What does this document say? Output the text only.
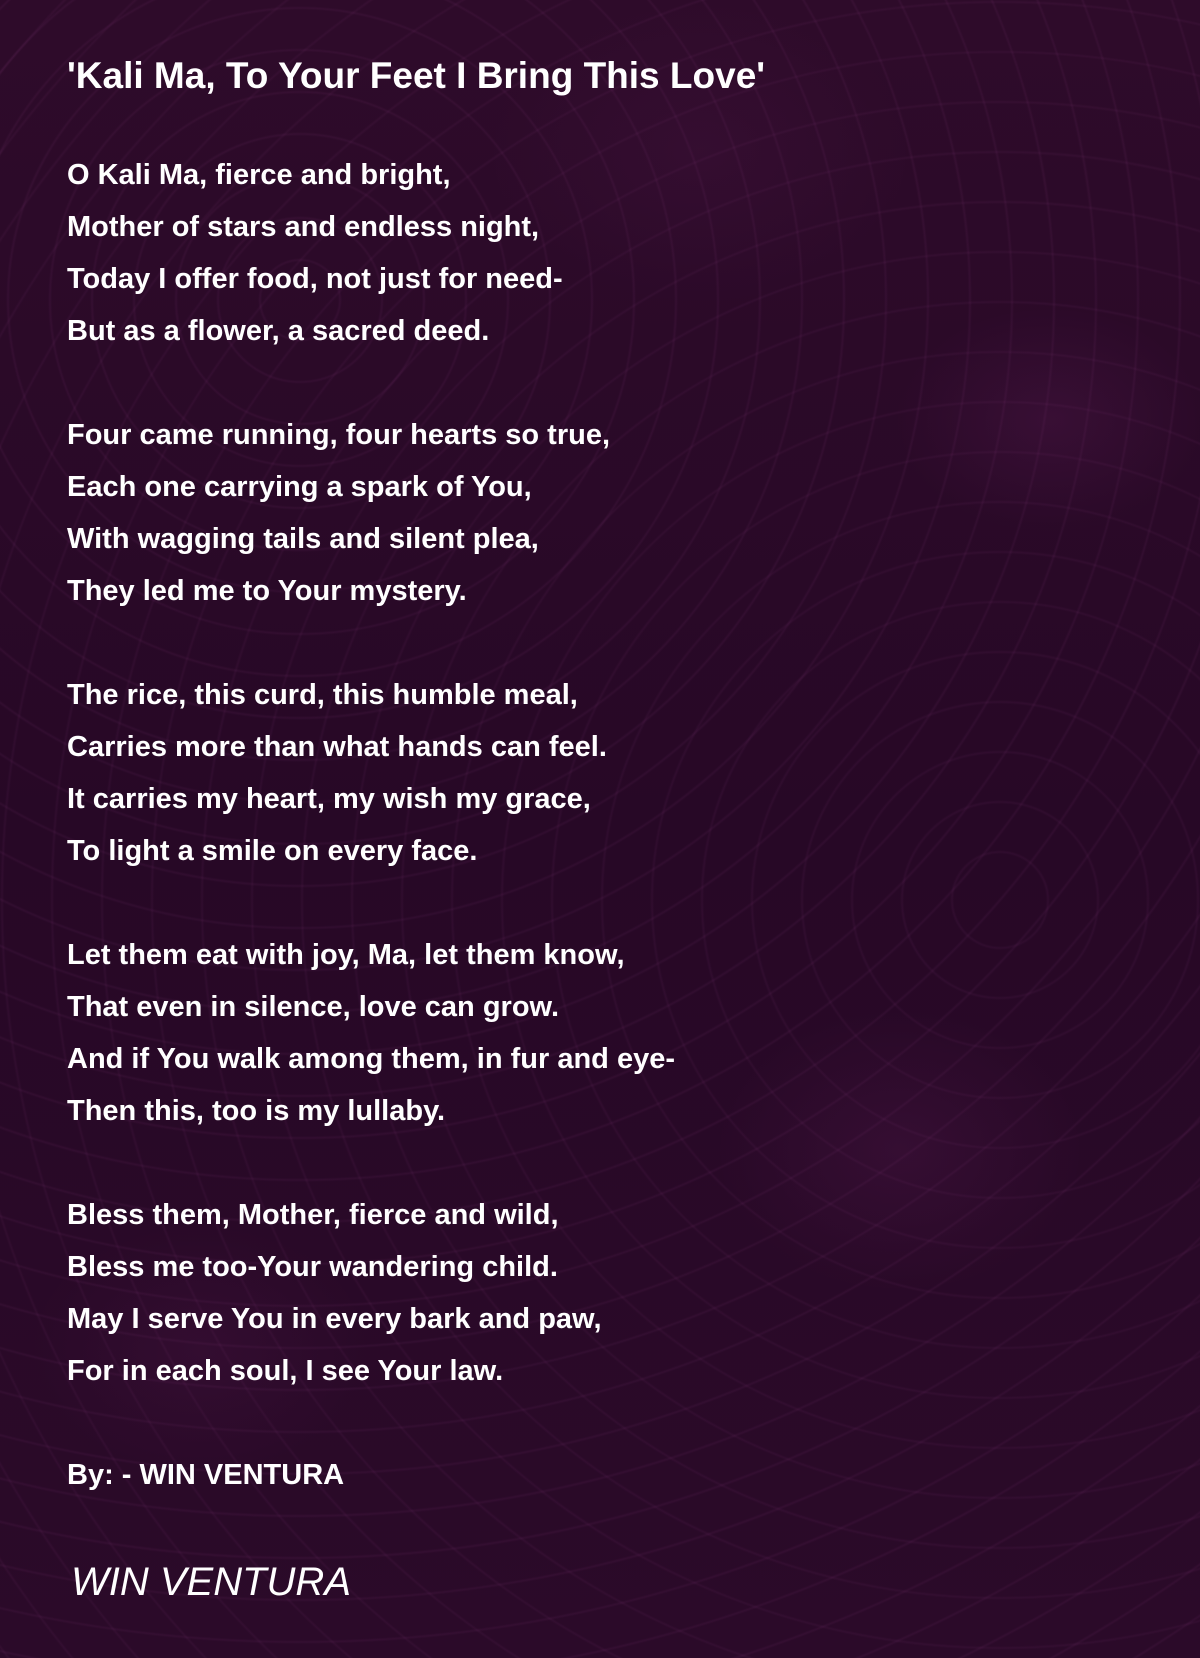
'Kali Ma, To Your Feet I Bring This Love'
O Kali Ma, fierce and bright,
Mother of stars and endless night,
Today I offer food, not just for need-
But as a flower, a sacred deed.
Four came running, four hearts so true,
Each one carrying a spark of You,
With wagging tails and silent plea,
They led me to Your mystery.
The rice, this curd, this humble meal,
Carries more than what hands can feel.
It carries my heart, my wish my grace,
To light a smile on every face.
Let them eat with joy, Ma, let them know,
That even in silence, love can grow.
And if You walk among them, in fur and eye-
Then this, too is my lullaby.
Bless them, Mother, fierce and wild,
Bless me too-Your wandering child.
May I serve You in every bark and paw,
For in each soul, I see Your law.
By: - WIN VENTURA
WIN VENTURA
